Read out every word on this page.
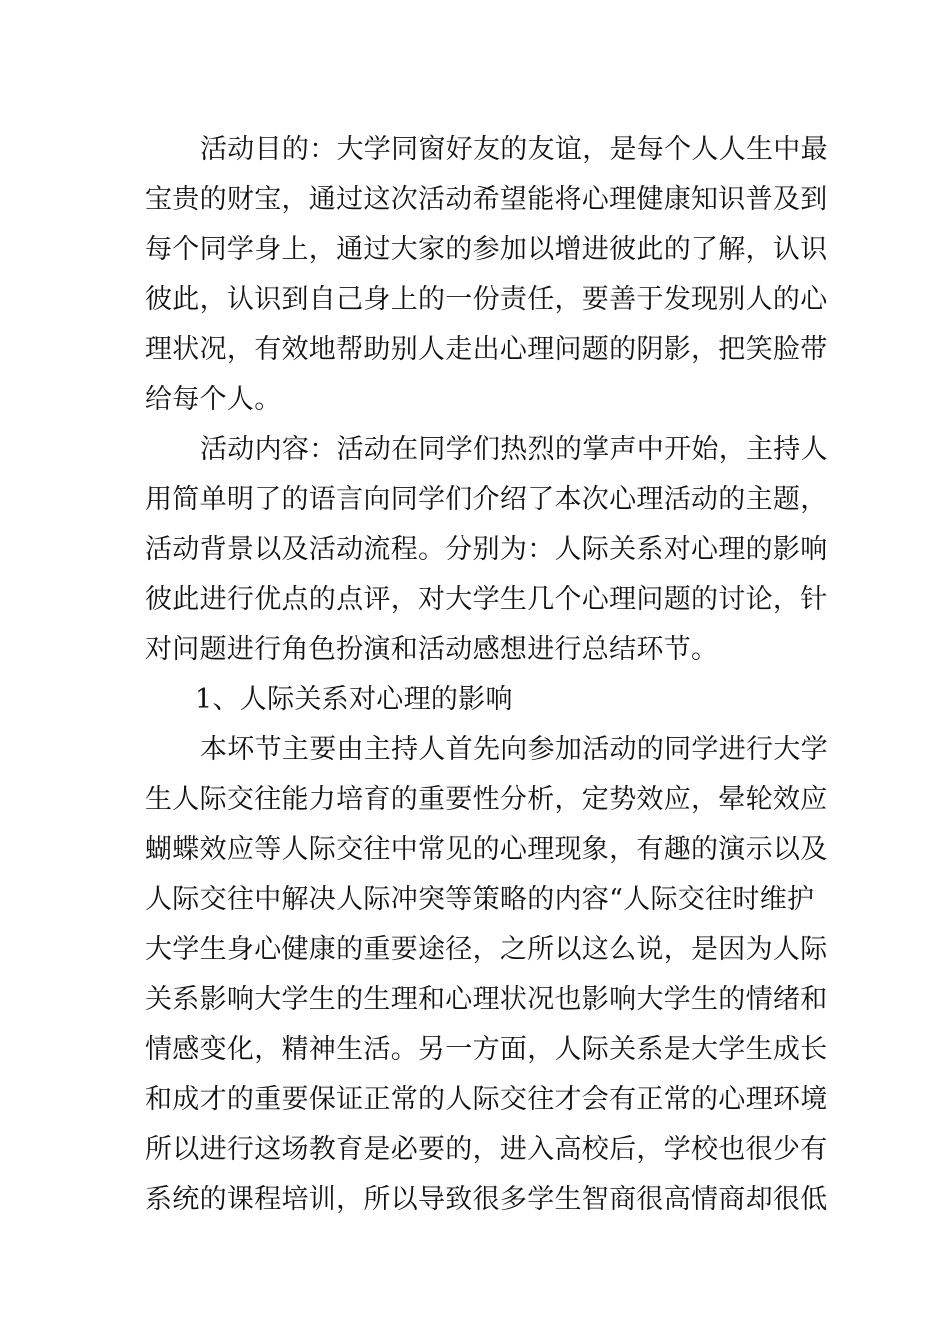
活动目的：大学同窗好友的友谊，是每个人人生中最
宝贵的财宝，通过这次活动希望能将心理健康知识普及到
每个同学身上，通过大家的参加以增进彼此的了解，认识
彼此，认识到自己身上的一份责任，要善于发现别人的心
理状况，有效地帮助别人走出心理问题的阴影，把笑脸带
给每个人。
活动内容：活动在同学们热烈的掌声中开始，主持人
用简单明了的语言向同学们介绍了本次心理活动的主题，
活动背景以及活动流程。分别为：人际关系对心理的影响
彼此进行优点的点评，对大学生几个心理问题的讨论，针
对问题进行角色扮演和活动感想进行总结环节。
1、人际关系对心理的影响
本坏节主要由主持人首先向参加活动的同学进行大学
生人际交往能力培育的重要性分析，定势效应，晕轮效应
蝴蝶效应等人际交往中常见的心理现象，有趣的演示以及
人际交往中解决人际冲突等策略的内容“人际交往时维护
大学生身心健康的重要途径，之所以这么说，是因为人际
关系影响大学生的生理和心理状况也影响大学生的情绪和
情感变化，精神生活。另一方面，人际关系是大学生成长
和成才的重要保证正常的人际交往才会有正常的心理环境
所以进行这场教育是必要的，进入高校后，学校也很少有
系统的课程培训，所以导致很多学生智商很高情商却很低
